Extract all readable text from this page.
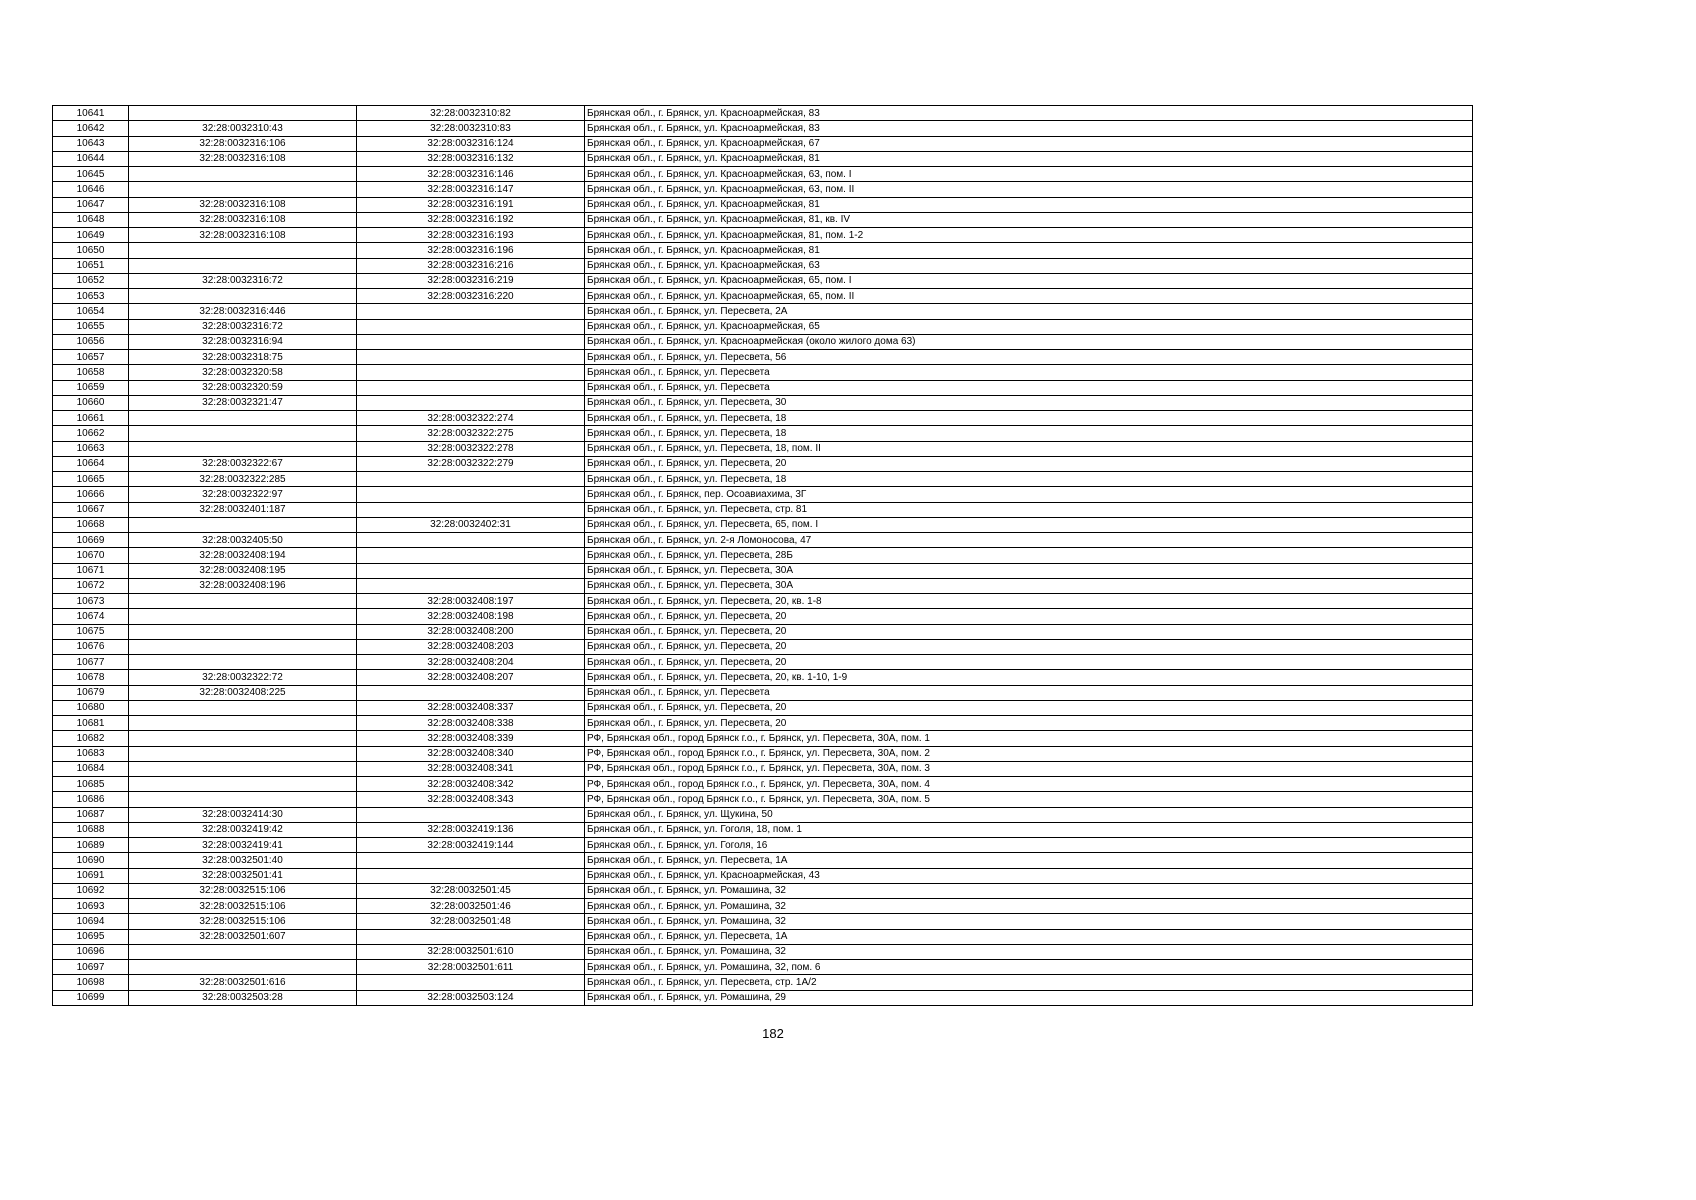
10641		32:28:0032310:82	Брянская обл., г. Брянск, ул. Красноармейская, 83
10642	32:28:0032310:43	32:28:0032310:83	Брянская обл., г. Брянск, ул. Красноармейская, 83
10643	32:28:0032316:106	32:28:0032316:124	Брянская обл., г. Брянск, ул. Красноармейская, 67
10644	32:28:0032316:108	32:28:0032316:132	Брянская обл., г. Брянск, ул. Красноармейская, 81
10645		32:28:0032316:146	Брянская обл., г. Брянск, ул. Красноармейская, 63, пом. I
10646		32:28:0032316:147	Брянская обл., г. Брянск, ул. Красноармейская, 63, пом. II
10647	32:28:0032316:108	32:28:0032316:191	Брянская обл., г. Брянск, ул. Красноармейская, 81
10648	32:28:0032316:108	32:28:0032316:192	Брянская обл., г. Брянск, ул. Красноармейская, 81, кв. IV
10649	32:28:0032316:108	32:28:0032316:193	Брянская обл., г. Брянск, ул. Красноармейская, 81, пом. 1-2
10650		32:28:0032316:196	Брянская обл., г. Брянск, ул. Красноармейская, 81
10651		32:28:0032316:216	Брянская обл., г. Брянск, ул. Красноармейская, 63
10652	32:28:0032316:72	32:28:0032316:219	Брянская обл., г. Брянск, ул. Красноармейская, 65, пом. I
10653		32:28:0032316:220	Брянская обл., г. Брянск, ул. Красноармейская, 65, пом. II
10654	32:28:0032316:446		Брянская обл., г. Брянск, ул. Пересвета, 2А
10655	32:28:0032316:72		Брянская обл., г. Брянск, ул. Красноармейская, 65
10656	32:28:0032316:94		Брянская обл., г. Брянск, ул. Красноармейская (около жилого дома 63)
10657	32:28:0032318:75		Брянская обл., г. Брянск, ул. Пересвета, 56
10658	32:28:0032320:58		Брянская обл., г. Брянск, ул. Пересвета
10659	32:28:0032320:59		Брянская обл., г. Брянск, ул. Пересвета
10660	32:28:0032321:47		Брянская обл., г. Брянск, ул. Пересвета, 30
10661		32:28:0032322:274	Брянская обл., г. Брянск, ул. Пересвета, 18
10662		32:28:0032322:275	Брянская обл., г. Брянск, ул. Пересвета, 18
10663		32:28:0032322:278	Брянская обл., г. Брянск, ул. Пересвета, 18, пом. II
10664	32:28:0032322:67	32:28:0032322:279	Брянская обл., г. Брянск, ул. Пересвета, 20
10665	32:28:0032322:285		Брянская обл., г. Брянск, ул. Пересвета, 18
10666	32:28:0032322:97		Брянская обл., г. Брянск, пер. Осоавиахима, 3Г
10667	32:28:0032401:187		Брянская обл., г. Брянск, ул. Пересвета, стр. 81
10668		32:28:0032402:31	Брянская обл., г. Брянск, ул. Пересвета, 65, пом. I
10669	32:28:0032405:50		Брянская обл., г. Брянск, ул. 2-я Ломоносова, 47
10670	32:28:0032408:194		Брянская обл., г. Брянск, ул. Пересвета, 28Б
10671	32:28:0032408:195		Брянская обл., г. Брянск, ул. Пересвета, 30А
10672	32:28:0032408:196		Брянская обл., г. Брянск, ул. Пересвета, 30А
10673		32:28:0032408:197	Брянская обл., г. Брянск, ул. Пересвета, 20, кв. 1-8
10674		32:28:0032408:198	Брянская обл., г. Брянск, ул. Пересвета, 20
10675		32:28:0032408:200	Брянская обл., г. Брянск, ул. Пересвета, 20
10676		32:28:0032408:203	Брянская обл., г. Брянск, ул. Пересвета, 20
10677		32:28:0032408:204	Брянская обл., г. Брянск, ул. Пересвета, 20
10678	32:28:0032322:72	32:28:0032408:207	Брянская обл., г. Брянск, ул. Пересвета, 20, кв. 1-10, 1-9
10679	32:28:0032408:225		Брянская обл., г. Брянск, ул. Пересвета
10680		32:28:0032408:337	Брянская обл., г. Брянск, ул. Пересвета, 20
10681		32:28:0032408:338	Брянская обл., г. Брянск, ул. Пересвета, 20
10682		32:28:0032408:339	РФ, Брянская обл., город Брянск г.о., г. Брянск, ул. Пересвета, 30А, пом. 1
10683		32:28:0032408:340	РФ, Брянская обл., город Брянск г.о., г. Брянск, ул. Пересвета, 30А, пом. 2
10684		32:28:0032408:341	РФ, Брянская обл., город Брянск г.о., г. Брянск, ул. Пересвета, 30А, пом. 3
10685		32:28:0032408:342	РФ, Брянская обл., город Брянск г.о., г. Брянск, ул. Пересвета, 30А, пом. 4
10686		32:28:0032408:343	РФ, Брянская обл., город Брянск г.о., г. Брянск, ул. Пересвета, 30А, пом. 5
10687	32:28:0032414:30		Брянская обл., г. Брянск, ул. Щукина, 50
10688	32:28:0032419:42	32:28:0032419:136	Брянская обл., г. Брянск, ул. Гоголя, 18, пом. 1
10689	32:28:0032419:41	32:28:0032419:144	Брянская обл., г. Брянск, ул. Гоголя, 16
10690	32:28:0032501:40		Брянская обл., г. Брянск, ул. Пересвета, 1А
10691	32:28:0032501:41		Брянская обл., г. Брянск, ул. Красноармейская, 43
10692	32:28:0032515:106	32:28:0032501:45	Брянская обл., г. Брянск, ул. Ромашина, 32
10693	32:28:0032515:106	32:28:0032501:46	Брянская обл., г. Брянск, ул. Ромашина, 32
10694	32:28:0032515:106	32:28:0032501:48	Брянская обл., г. Брянск, ул. Ромашина, 32
10695	32:28:0032501:607		Брянская обл., г. Брянск, ул. Пересвета, 1А
10696		32:28:0032501:610	Брянская обл., г. Брянск, ул. Ромашина, 32
10697		32:28:0032501:611	Брянская обл., г. Брянск, ул. Ромашина, 32, пом. 6
10698	32:28:0032501:616		Брянская обл., г. Брянск, ул. Пересвета, стр. 1А/2
10699	32:28:0032503:28	32:28:0032503:124	Брянская обл., г. Брянск, ул. Ромашина, 29
182
